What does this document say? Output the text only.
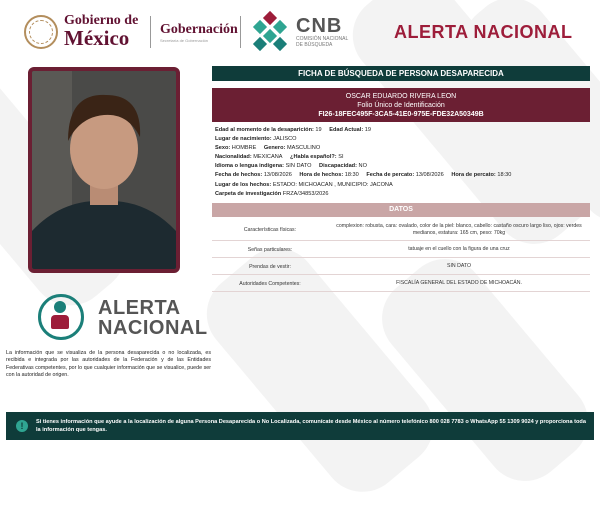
Gobierno de
México	Gobernación
Secretaría de Gobernación
CNB
COMISIÓN NACIONAL DE BÚSQUEDA
ALERTA NACIONAL
FICHA DE BÚSQUEDA DE PERSONA DESAPARECIDA
OSCAR EDUARDO RIVERA LEON
Folio Único de Identificación
FI26-18FEC495F-3CA5-41E0-975E-FDE32A50349B
Edad al momento de la desaparición: 19 Edad Actual: 19
Lugar de nacimiento: JALISCO
Sexo: HOMBRE Genero: MASCULINO
Nacionalidad: MEXICANA ¿Habla español?: SI
Idioma o lengua indígena: SIN DATO Discapacidad: NO
Fecha de hechos: 13/08/2026 Hora de hechos: 18:30 Fecha de percato: 13/08/2026 Hora de percato: 18:30
Lugar de los hechos: ESTADO: MICHOACAN , MUNICIPIO: JACONA
Carpeta de investigación FRZA/34853/2026
DATOS
Características físicas:
complexion: robusta, cara: ovalado, color de la piel: blanco, cabello: castaño oscuro largo liso, ojos: verdes medianos, estatura: 165 cm, peso: 70kg
Señas particulares:	tatuaje en el cuello con la figura de una cruz
Prendas de vestir:	SIN DATO
Autoridades Competentes:	FISCALÍA GENERAL DEL ESTADO DE MICHOACÁN.
ALERTA
NACIONAL
La información que se visualiza de la persona desaparecida o no localizada, es recibida e integrada por las autoridades de la Federación y de las Entidades Federativas competentes, por lo que cualquier información que se visualice, puede ser con la autoridad de origen.
!	Si tienes información que ayude a la localización de alguna Persona Desaparecida o No Localizada, comunícate desde México al número telefónico 800 028 7783 o WhatsApp 55 1309 9024 y proporciona toda la información que tengas.
